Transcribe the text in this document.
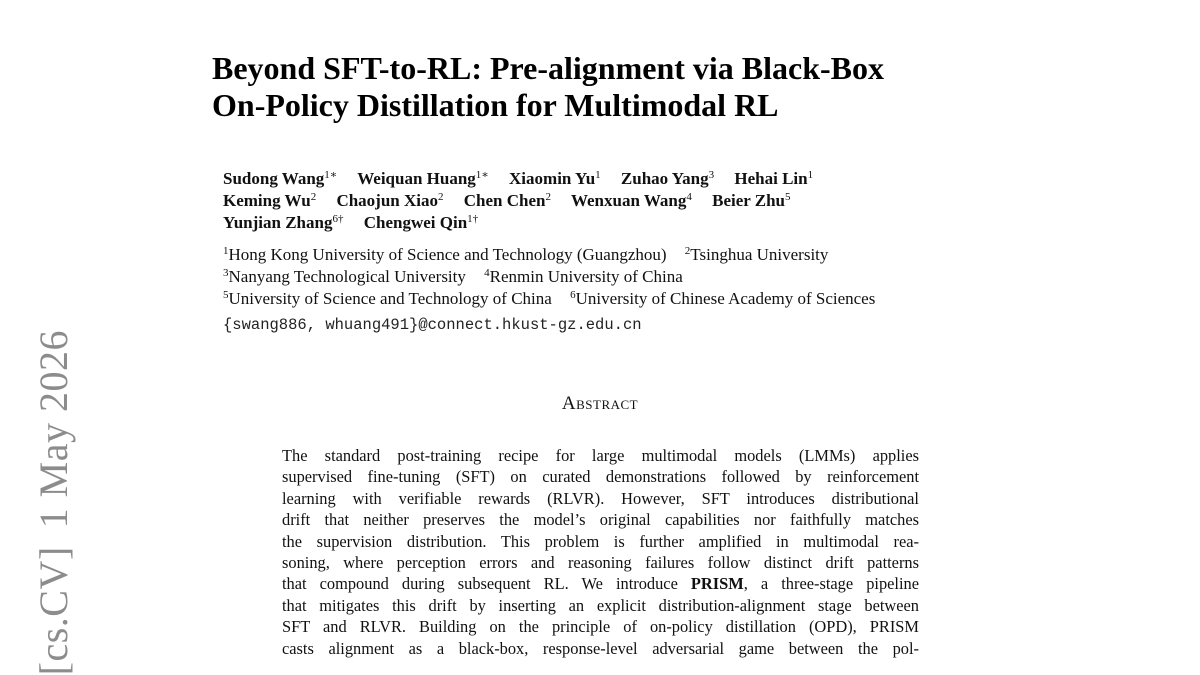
[cs.CV]1 May 2026
Beyond SFT-to-RL: Pre-alignment via Black-Box
On-Policy Distillation for Multimodal RL
Sudong Wang$^{1∗}$ Weiquan Huang$^{1∗}$ Xiaomin Yu$^1$ Zuhao Yang$^3$ Hehai Lin$^1$
Keming Wu$^2$ Chaojun Xiao$^2$ Chen Chen$^2$ Wenxuan Wang$^4$ Beier Zhu$^5$
Yunjian Zhang$^{6\dagger}$ Chengwei Qin$^{1\dagger}$
$^1$Hong Kong University of Science and Technology (Guangzhou) $^2$Tsinghua University
$^3$Nanyang Technological University $^4$Renmin University of China
$^5$University of Science and Technology of China $^6$University of Chinese Academy of Sciences
{swang886, whuang491}@connect.hkust-gz.edu.cn
Abstract
The standard post-training recipe for large multimodal models (LMMs) applies
supervised fine-tuning (SFT) on curated demonstrations followed by reinforcement
learning with verifiable rewards (RLVR). However, SFT introduces distributional
drift that neither preserves the model’s original capabilities nor faithfully matches
the supervision distribution. This problem is further amplified in multimodal rea-
soning, where perception errors and reasoning failures follow distinct drift patterns
that compound during subsequent RL. We introduce PRISM, a three-stage pipeline
that mitigates this drift by inserting an explicit distribution-alignment stage between
SFT and RLVR. Building on the principle of on-policy distillation (OPD), PRISM
casts alignment as a black-box, response-level adversarial game between the pol-
